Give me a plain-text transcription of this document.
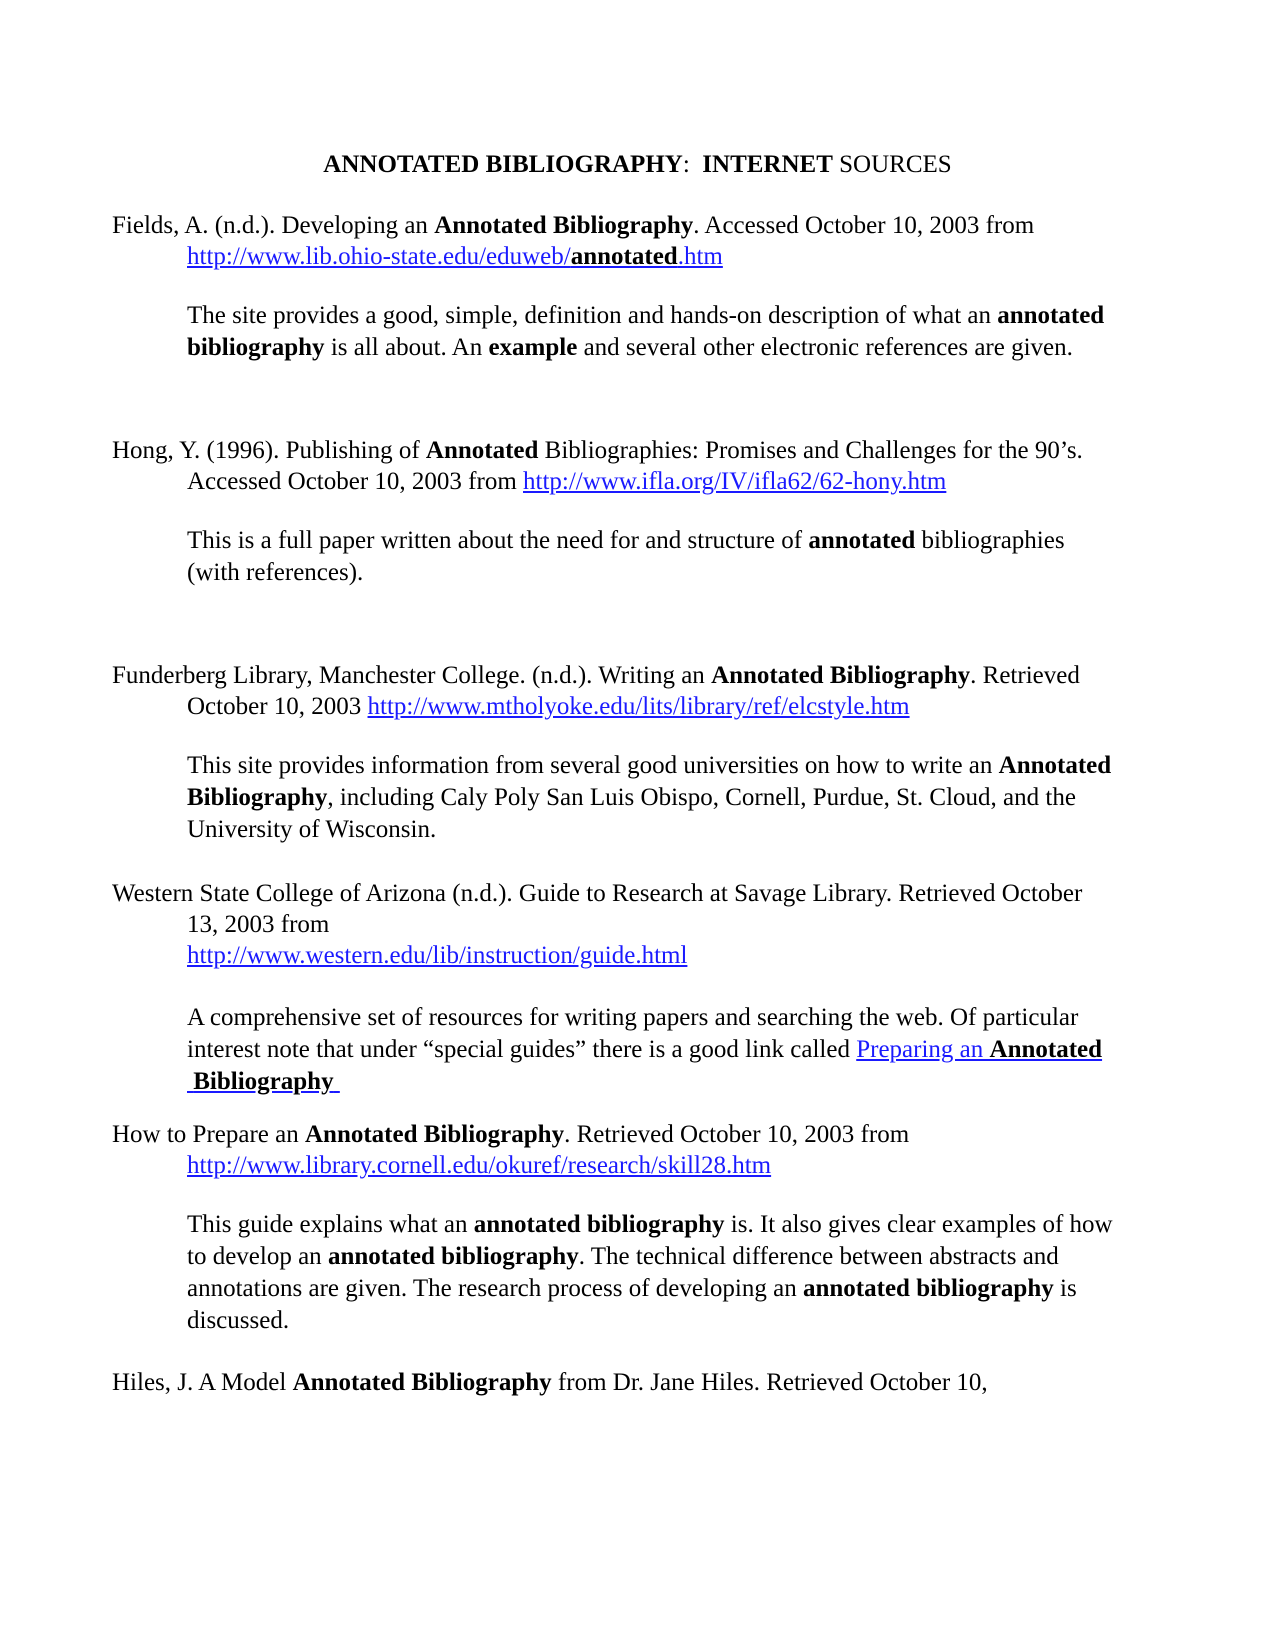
ANNOTATED BIBLIOGRAPHY:  INTERNET SOURCES

Fields, A. (n.d.). Developing an Annotated Bibliography. Accessed October 10, 2003 from http://www.lib.ohio-state.edu/eduweb/annotated.htm

The site provides a good, simple, definition and hands-on description of what an annotated bibliography is all about. An example and several other electronic references are given.

Hong, Y. (1996). Publishing of Annotated Bibliographies: Promises and Challenges for the 90’s. Accessed October 10, 2003 from http://www.ifla.org/IV/ifla62/62-hony.htm

This is a full paper written about the need for and structure of annotated bibliographies (with references).

Funderberg Library, Manchester College. (n.d.). Writing an Annotated Bibliography. Retrieved October 10, 2003 http://www.mtholyoke.edu/lits/library/ref/elcstyle.htm

This site provides information from several good universities on how to write an Annotated Bibliography, including Caly Poly San Luis Obispo, Cornell, Purdue, St. Cloud, and the University of Wisconsin.

Western State College of Arizona (n.d.). Guide to Research at Savage Library. Retrieved October 13, 2003 from
http://www.western.edu/lib/instruction/guide.html

A comprehensive set of resources for writing papers and searching the web. Of particular interest note that under “special guides” there is a good link called Preparing an Annotated Bibliography

How to Prepare an Annotated Bibliography. Retrieved October 10, 2003 from http://www.library.cornell.edu/okuref/research/skill28.htm

This guide explains what an annotated bibliography is. It also gives clear examples of how to develop an annotated bibliography. The technical difference between abstracts and annotations are given. The research process of developing an annotated bibliography is discussed.

Hiles, J. A Model Annotated Bibliography from Dr. Jane Hiles. Retrieved October 10,
